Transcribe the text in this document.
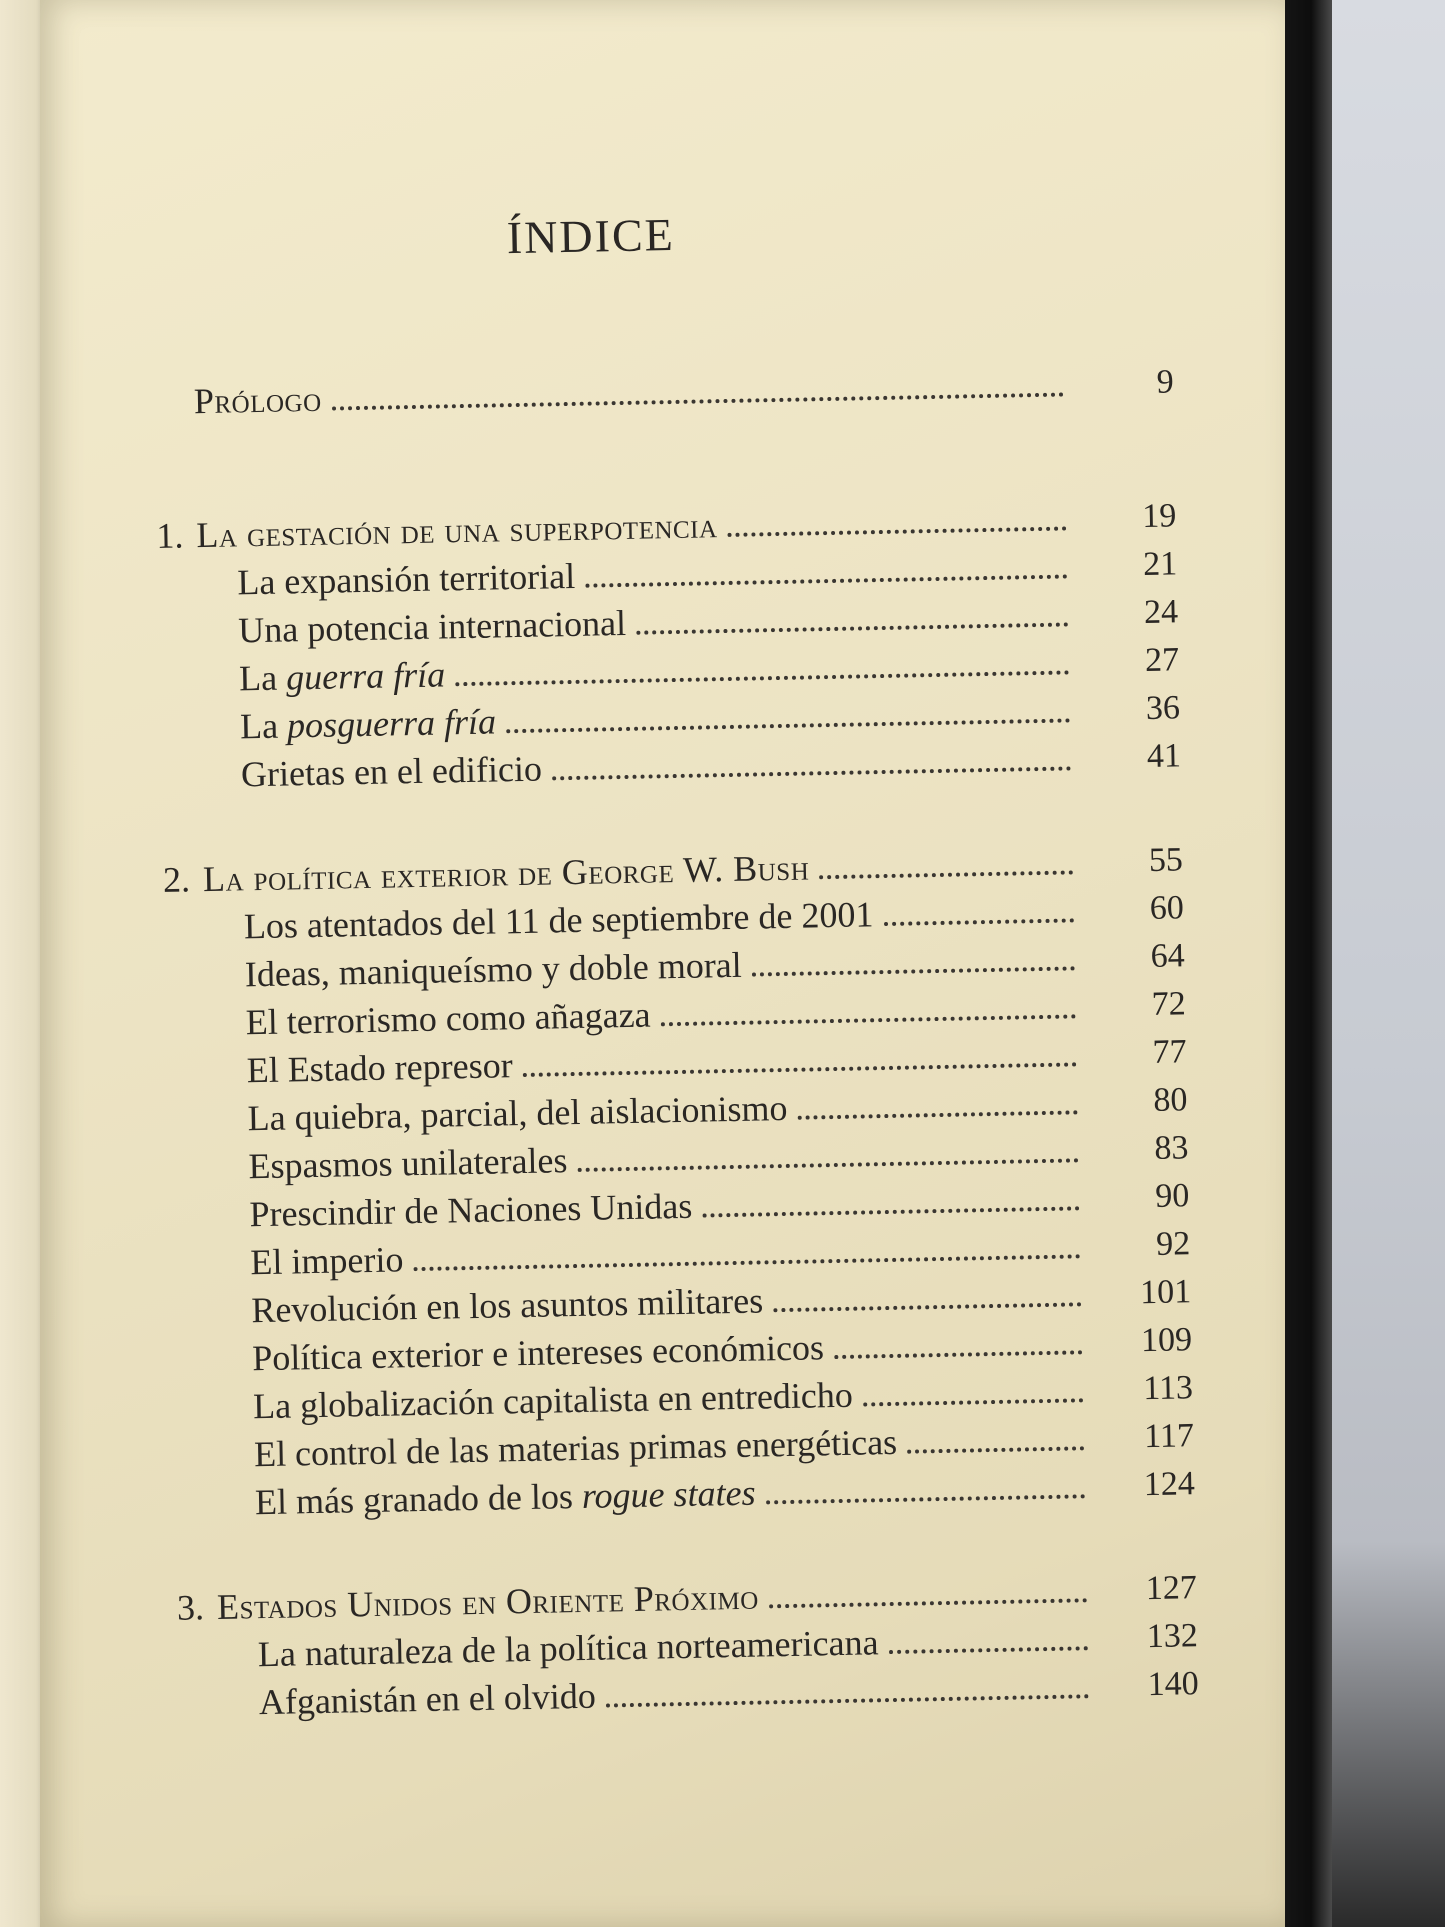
ÍNDICE
Prólogo	9
1. La gestación de una superpotencia	19
La expansión territorial	21
Una potencia internacional	24
La guerra fría	27
La posguerra fría	36
Grietas en el edificio	41
2. La política exterior de George W. Bush	55
Los atentados del 11 de septiembre de 2001	60
Ideas, maniqueísmo y doble moral	64
El terrorismo como añagaza	72
El Estado represor	77
La quiebra, parcial, del aislacionismo	80
Espasmos unilaterales	83
Prescindir de Naciones Unidas	90
El imperio	92
Revolución en los asuntos militares	101
Política exterior e intereses económicos	109
La globalización capitalista en entredicho	113
El control de las materias primas energéticas	117
El más granado de los rogue states	124
3. Estados Unidos en Oriente Próximo	127
La naturaleza de la política norteamericana	132
Afganistán en el olvido	140
